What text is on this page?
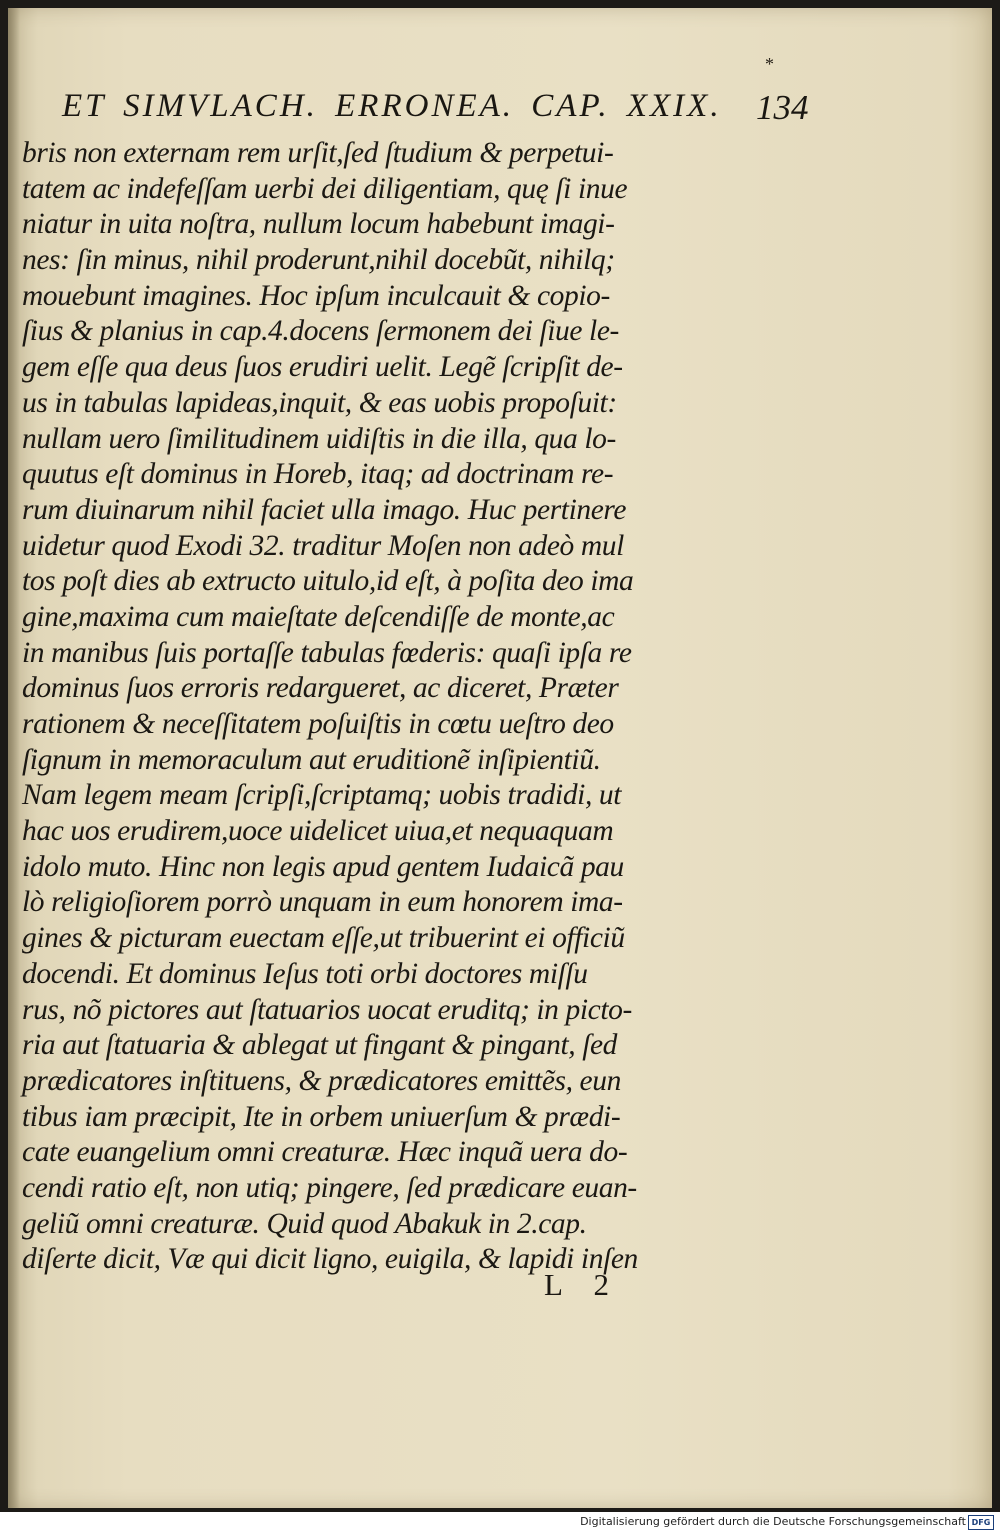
*
ET SIMVLACH. ERRONEA. CAP. XXIX. 134
bris non externam rem urſit,ſed ſtudium & perpetui-
tatem ac indefeſſam uerbi dei diligentiam, quę ſi inue
niatur in uita noſtra, nullum locum habebunt imagi-
nes: ſin minus, nihil proderunt,nihil docebũt, nihilq;
mouebunt imagines. Hoc ipſum inculcauit & copio-
ſius & planius in cap.4.docens ſermonem dei ſiue le-
gem eſſe qua deus ſuos erudiri uelit. Legẽ ſcripſit de-
us in tabulas lapideas,inquit, & eas uobis propoſuit:
nullam uero ſimilitudinem uidiſtis in die illa, qua lo-
quutus eſt dominus in Horeb, itaq; ad doctrinam re-
rum diuinarum nihil faciet ulla imago. Huc pertinere
uidetur quod Exodi 32. traditur Moſen non adeò mul
tos poſt dies ab extructo uitulo,id eſt, à poſita deo ima
gine,maxima cum maieſtate deſcendiſſe de monte,ac
in manibus ſuis portaſſe tabulas fœderis: quaſi ipſa re
dominus ſuos erroris redargueret, ac diceret, Præter
rationem & neceſſitatem poſuiſtis in cœtu ueſtro deo
ſignum in memoraculum aut eruditionẽ inſipientiũ.
Nam legem meam ſcripſi,ſcriptamq; uobis tradidi, ut
hac uos erudirem,uoce uidelicet uiua,et nequaquam
idolo muto. Hinc non legis apud gentem Iudaicã pau
lò religioſiorem porrò unquam in eum honorem ima-
gines & picturam euectam eſſe,ut tribuerint ei officiũ
docendi. Et dominus Ieſus toti orbi doctores miſſu
rus, nõ pictores aut ſtatuarios uocat eruditq; in picto-
ria aut ſtatuaria & ablegat ut fingant & pingant, ſed
prædicatores inſtituens, & prædicatores emittẽs, eun
tibus iam præcipit, Ite in orbem uniuerſum & prædi-
cate euangelium omni creaturæ. Hæc inquã uera do-
cendi ratio eſt, non utiq; pingere, ſed prædicare euan-
geliũ omni creaturæ. Quid quod Abakuk in 2.cap.
diſerte dicit, Væ qui dicit ligno, euigila, & lapidi inſen
L 2
Digitalisierung gefördert durch die Deutsche Forschungsgemeinschaft DFG
